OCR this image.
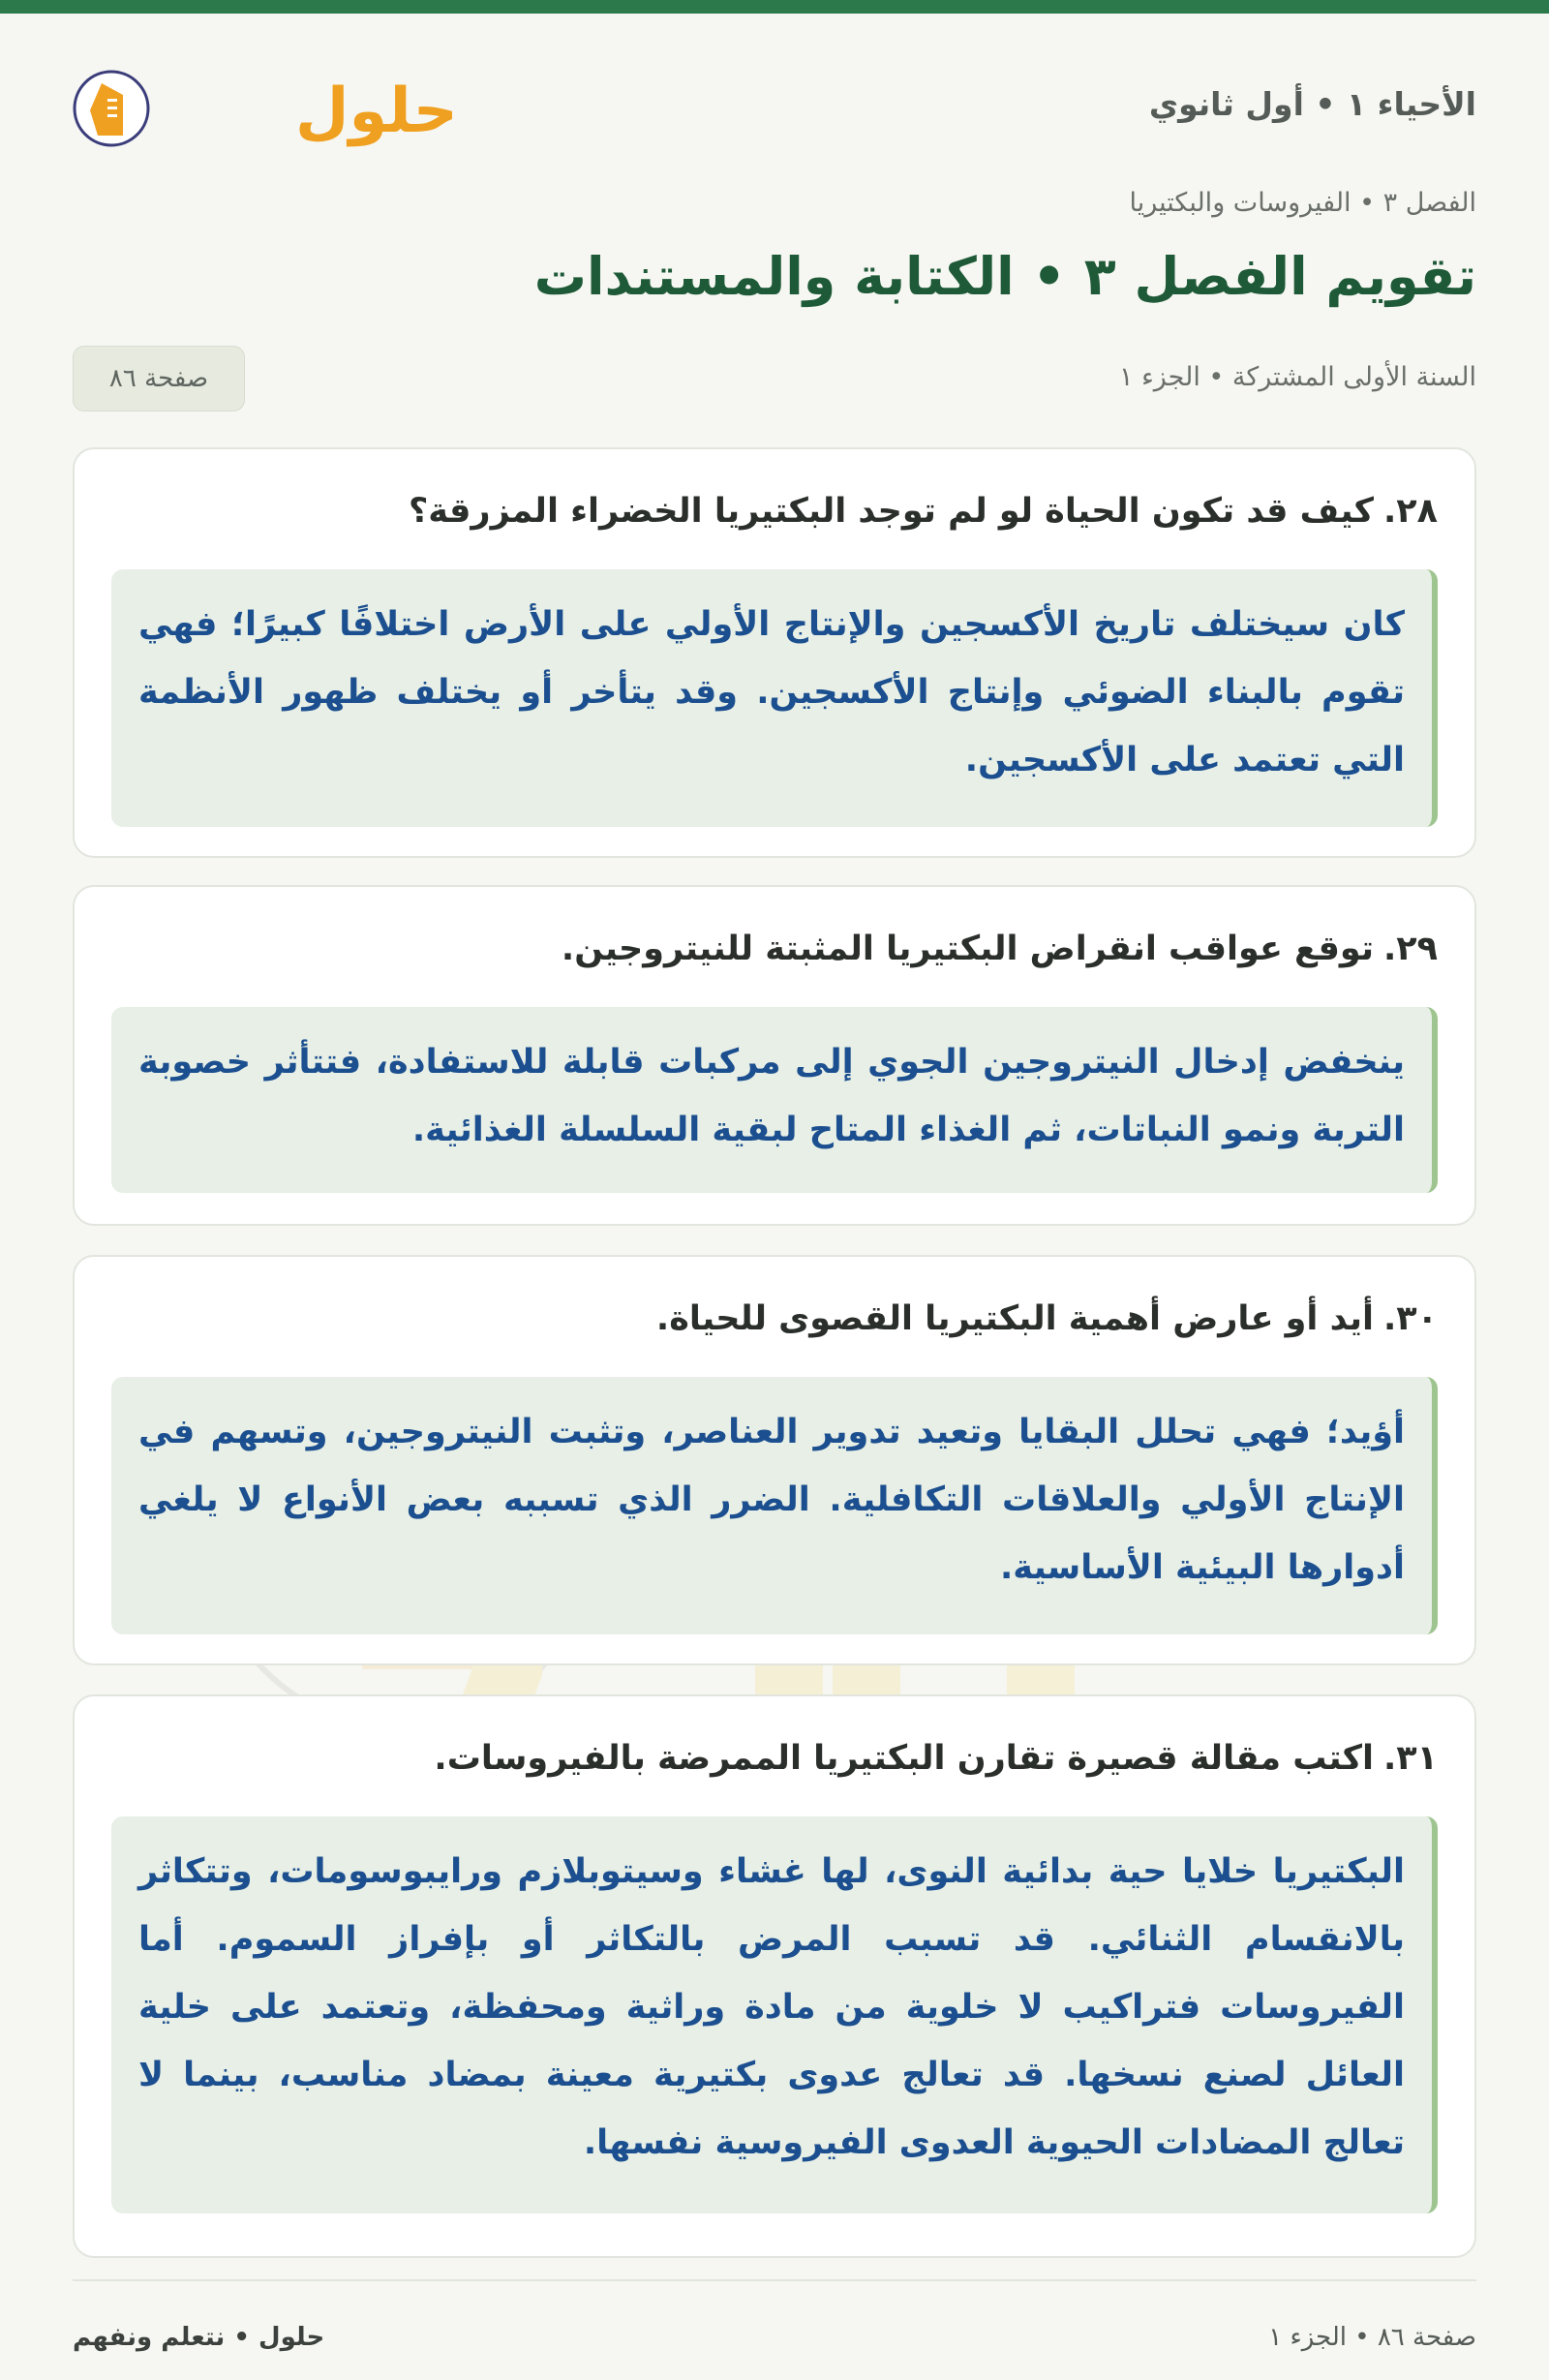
الأحياء ١ • أول ثانوي
حلول
الفصل ٣ • الفيروسات والبكتيريا
تقويم الفصل ٣ • الكتابة والمستندات
السنة الأولى المشتركة • الجزء ١
صفحة ٨٦
٢٨.كيف قد تكون الحياة لو لم توجد البكتيريا الخضراء المزرقة؟

كان سيختلف تاريخ الأكسجين والإنتاج الأولي على الأرض اختلافًا كبيرًا؛ فهي تقوم بالبناء الضوئي وإنتاج الأكسجين. وقد يتأخر أو يختلف ظهور الأنظمة التي تعتمد على الأكسجين.

٢٩.توقع عواقب انقراض البكتيريا المثبتة للنيتروجين.

ينخفض إدخال النيتروجين الجوي إلى مركبات قابلة للاستفادة، فتتأثر خصوبة التربة ونمو النباتات، ثم الغذاء المتاح لبقية السلسلة الغذائية.

٣٠.أيد أو عارض أهمية البكتيريا القصوى للحياة.

أؤيد؛ فهي تحلل البقايا وتعيد تدوير العناصر، وتثبت النيتروجين، وتسهم في الإنتاج الأولي والعلاقات التكافلية. الضرر الذي تسببه بعض الأنواع لا يلغي أدوارها البيئية الأساسية.

٣١.اكتب مقالة قصيرة تقارن البكتيريا الممرضة بالفيروسات.

البكتيريا خلايا حية بدائية النوى، لها غشاء وسيتوبلازم ورايبوسومات، وتتكاثر بالانقسام الثنائي. قد تسبب المرض بالتكاثر أو بإفراز السموم. أما الفيروسات فتراكيب لا خلوية من مادة وراثية ومحفظة، وتعتمد على خلية العائل لصنع نسخها. قد تعالج عدوى بكتيرية معينة بمضاد مناسب، بينما لا تعالج المضادات الحيوية العدوى الفيروسية نفسها.

صفحة ٨٦ • الجزء ١
حلول • نتعلم ونفهم
